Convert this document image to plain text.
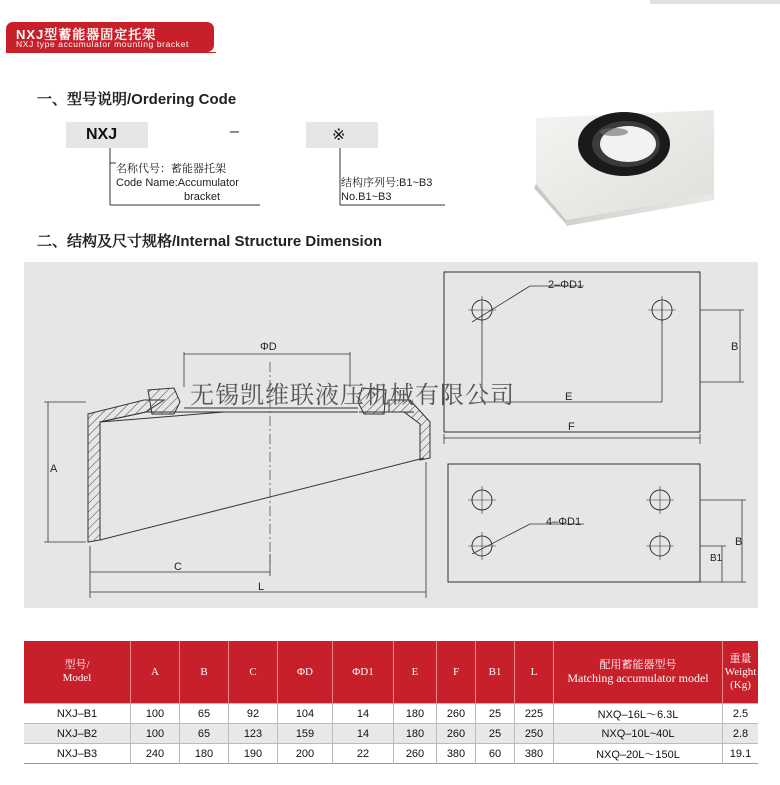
NXJ型蓄能器固定托架
NXJ type accumulator mounting bracket
一、型号说明/Ordering Code
NXJ	–	※
名称代号：蓄能器托架
Code Name:Accumulator
bracket
结构序列号:B1~B3
No.B1~B3
二、结构及尺寸规格/Internal Structure Dimension
ΦD
A
C
L
2–ΦD1
4–ΦD1
B
E
F
B
B1
无锡凯维联液压机械有限公司
型号/
Model	A	B	C	ΦD	ΦD1	E	F	B1	L	配用蓄能器型号
Matching accumulator model	重量
Weight (Kg)
NXJ–B1	100	65	92	104	14	180	260	25	225	NXQ–16L～6.3L	2.5
NXJ–B2	100	65	123	159	14	180	260	25	250	NXQ–10L~40L	2.8
NXJ–B3	240	180	190	200	22	260	380	60	380	NXQ–20L～150L	19.1
